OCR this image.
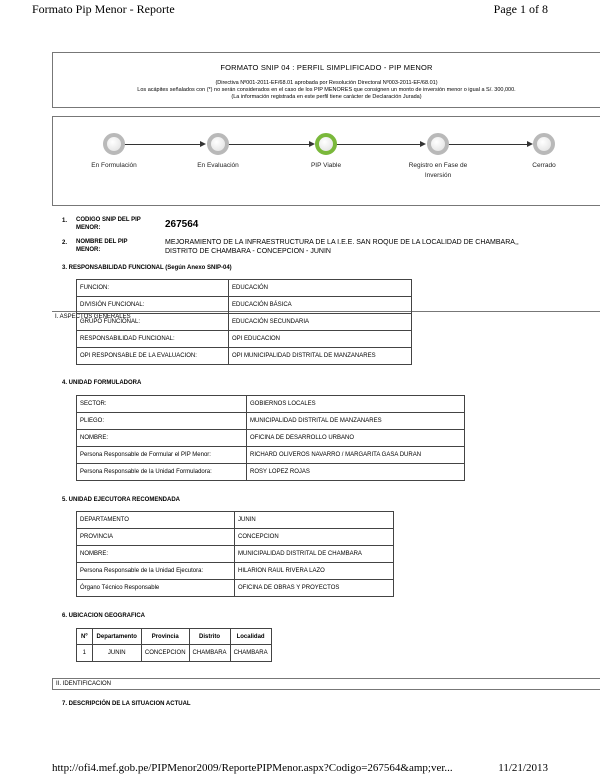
Formato Pip Menor - Reporte	Page 1 of 8
FORMATO SNIP 04 : PERFIL SIMPLIFICADO - PIP MENOR
(Directiva Nº001-2011-EF/68.01 aprobada por Resolución Directoral Nº003-2011-EF/68.01)
Los acápites señalados con (*) no serán considerados en el caso de los PIP MENORES que consignen un monto de inversión menor o igual a S/. 300,000.
(La información registrada en este perfil tiene carácter de Declaración Jurada)
En Formulación	En Evaluación	PIP Viable	Registro en Fase de Inversión
Cerrado
I. ASPECTOS GENERALES
1. CODIGO SNIP DEL PIP MENOR:	267564
2. NOMBRE DEL PIP MENOR:
MEJORAMIENTO DE LA INFRAESTRUCTURA DE LA I.E.E. SAN ROQUE DE LA LOCALIDAD DE CHAMBARA,, DISTRITO DE CHAMBARA - CONCEPCION - JUNIN
3. RESPONSABILIDAD FUNCIONAL (Según Anexo SNIP-04)
FUNCION:	EDUCACIÓN
DIVISIÓN FUNCIONAL:	EDUCACIÓN BÁSICA
GRUPO FUNCIONAL:	EDUCACIÓN SECUNDARIA
RESPONSABILIDAD FUNCIONAL:	OPI EDUCACION
OPI RESPONSABLE DE LA EVALUACION:	OPI MUNICIPALIDAD DISTRITAL DE MANZANARES
4. UNIDAD FORMULADORA
SECTOR:	GOBIERNOS LOCALES
PLIEGO:	MUNICIPALIDAD DISTRITAL DE MANZANARES
NOMBRE:	OFICINA DE DESARROLLO URBANO
Persona Responsable de Formular el PIP Menor:	RICHARD OLIVEROS NAVARRO / MARGARITA GASA DURAN
Persona Responsable de la Unidad Formuladora:	ROSY LOPEZ ROJAS
5. UNIDAD EJECUTORA RECOMENDADA
DEPARTAMENTO	JUNIN
PROVINCIA	CONCEPCION
NOMBRE:	MUNICIPALIDAD DISTRITAL DE CHAMBARA
Persona Responsable de la Unidad Ejecutora:	HILARION RAUL RIVERA LAZO
Órgano Técnico Responsable	OFICINA DE OBRAS Y PROYECTOS
6. UBICACION GEOGRAFICA
Nº	Departamento	Provincia	Distrito	Localidad
1	JUNIN	CONCEPCION	CHAMBARA	CHAMBARA
II. IDENTIFICACION
7. DESCRIPCIÓN DE LA SITUACION ACTUAL
http://ofi4.mef.gob.pe/PIPMenor2009/ReportePIPMenor.aspx?Codigo=267564&amp;ver...	11/21/2013
